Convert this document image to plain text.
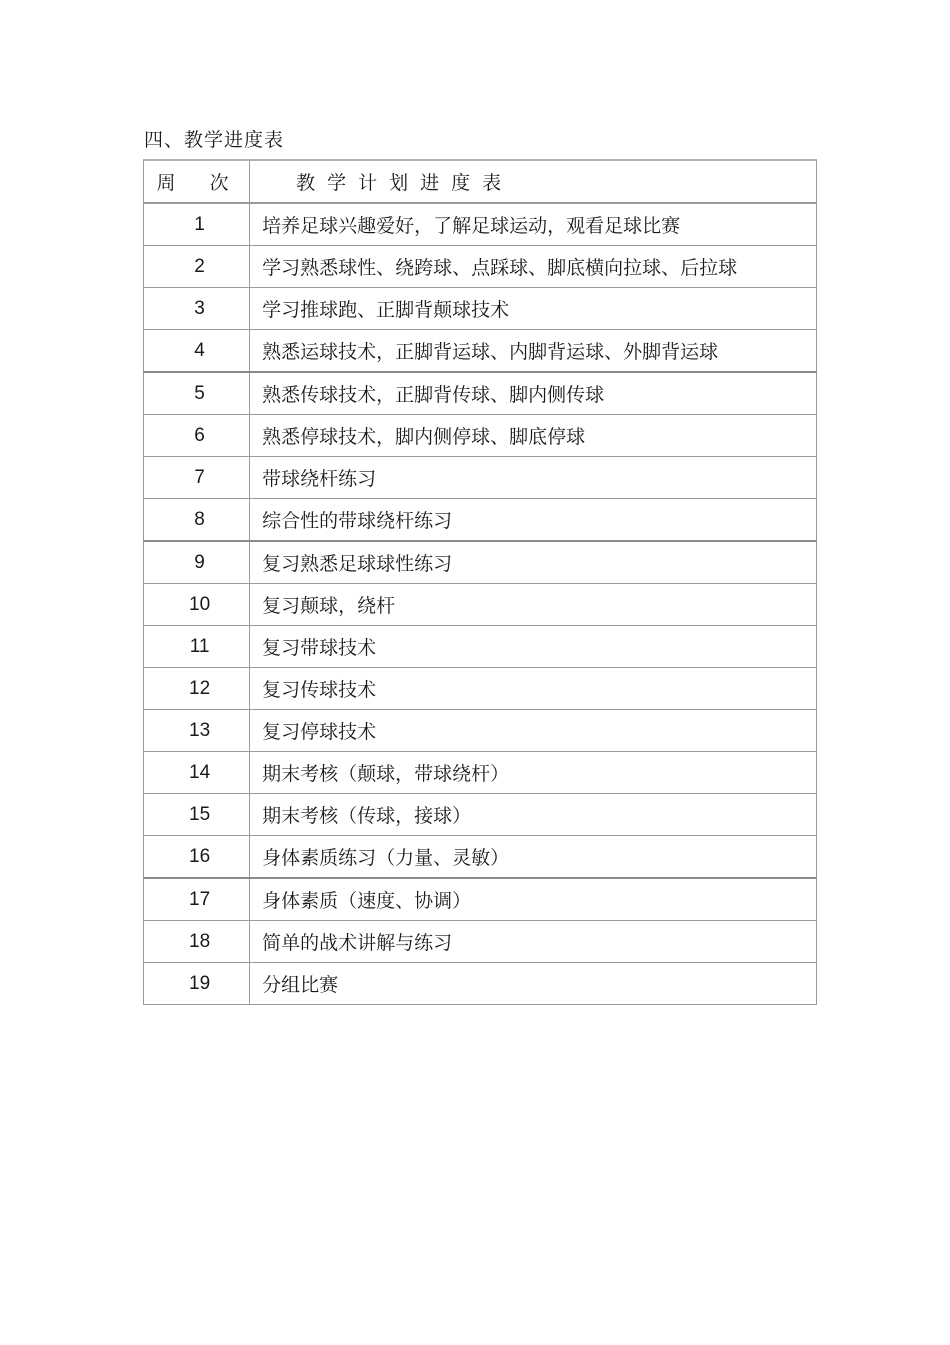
四、教学进度表
周 次	教学计划进度表
1	培养足球兴趣爱好，了解足球运动，观看足球比赛
2	学习熟悉球性、绕跨球、点踩球、脚底横向拉球、后拉球
3	学习推球跑、正脚背颠球技术
4	熟悉运球技术，正脚背运球、内脚背运球、外脚背运球
5	熟悉传球技术，正脚背传球、脚内侧传球
6	熟悉停球技术，脚内侧停球、脚底停球
7	带球绕杆练习
8	综合性的带球绕杆练习
9	复习熟悉足球球性练习
10	复习颠球，绕杆
11	复习带球技术
12	复习传球技术
13	复习停球技术
14	期末考核（颠球，带球绕杆）
15	期末考核（传球，接球）
16	身体素质练习（力量、灵敏）
17	身体素质（速度、协调）
18	简单的战术讲解与练习
19	分组比赛
